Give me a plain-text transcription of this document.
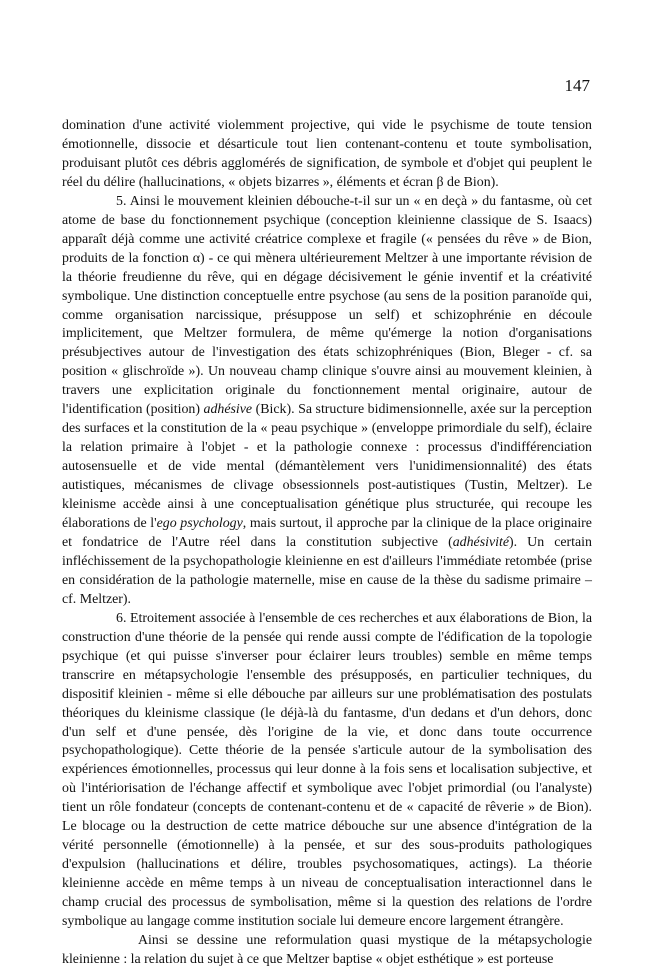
147

domination d'une activité violemment projective, qui vide le psychisme de toute tension émotionnelle, dissocie et désarticule tout lien contenant-contenu et toute symbolisation, produisant plutôt ces débris agglomérés de signification, de symbole et d'objet qui peuplent le réel du délire (hallucinations, « objets bizarres », éléments et écran β de Bion).

5. Ainsi le mouvement kleinien débouche-t-il sur un « en deçà » du fantasme, où cet atome de base du fonctionnement psychique (conception kleinienne classique de S. Isaacs) apparaît déjà comme une activité créatrice complexe et fragile (« pensées du rêve » de Bion, produits de la fonction α) - ce qui mènera ultérieurement Meltzer à une importante révision de la théorie freudienne du rêve, qui en dégage décisivement le génie inventif et la créativité symbolique. Une distinction conceptuelle entre psychose (au sens de la position paranoïde qui, comme organisation narcissique, présuppose un self) et schizophrénie en découle implicitement, que Meltzer formulera, de même qu'émerge la notion d'organisations présubjectives autour de l'investigation des états schizophréniques (Bion, Bleger - cf. sa position « glischroïde »). Un nouveau champ clinique s'ouvre ainsi au mouvement kleinien, à travers une explicitation originale du fonctionnement mental originaire, autour de l'identification (position) adhésive (Bick). Sa structure bidimensionnelle, axée sur la perception des surfaces et la constitution de la « peau psychique » (enveloppe primordiale du self), éclaire la relation primaire à l'objet - et la pathologie connexe : processus d'indifférenciation autosensuelle et de vide mental (démantèlement vers l'unidimensionnalité) des états autistiques, mécanismes de clivage obsessionnels post-autistiques (Tustin, Meltzer). Le kleinisme accède ainsi à une conceptualisation génétique plus structurée, qui recoupe les élaborations de l'ego psychology, mais surtout, il approche par la clinique de la place originaire et fondatrice de l'Autre réel dans la constitution subjective (adhésivité). Un certain infléchissement de la psychopathologie kleinienne en est d'ailleurs l'immédiate retombée (prise en considération de la pathologie maternelle, mise en cause de la thèse du sadisme primaire – cf. Meltzer).

6. Etroitement associée à l'ensemble de ces recherches et aux élaborations de Bion, la construction d'une théorie de la pensée qui rende aussi compte de l'édification de la topologie psychique (et qui puisse s'inverser pour éclairer leurs troubles) semble en même temps transcrire en métapsychologie l'ensemble des présupposés, en particulier techniques, du dispositif kleinien - même si elle débouche par ailleurs sur une problématisation des postulats théoriques du kleinisme classique (le déjà-là du fantasme, d'un dedans et d'un dehors, donc d'un self et d'une pensée, dès l'origine de la vie, et donc dans toute occurrence psychopathologique). Cette théorie de la pensée s'articule autour de la symbolisation des expériences émotionnelles, processus qui leur donne à la fois sens et localisation subjective, et où l'intériorisation de l'échange affectif et symbolique avec l'objet primordial (ou l'analyste) tient un rôle fondateur (concepts de contenant-contenu et de « capacité de rêverie » de Bion). Le blocage ou la destruction de cette matrice débouche sur une absence d'intégration de la vérité personnelle (émotionnelle) à la pensée, et sur des sous-produits pathologiques d'expulsion (hallucinations et délire, troubles psychosomatiques, actings). La théorie kleinienne accède en même temps à un niveau de conceptualisation interactionnel dans le champ crucial des processus de symbolisation, même si la question des relations de l'ordre symbolique au langage comme institution sociale lui demeure encore largement étrangère.

Ainsi se dessine une reformulation quasi mystique de la métapsychologie kleinienne : la relation du sujet à ce que Meltzer baptise « objet esthétique » est porteuse
